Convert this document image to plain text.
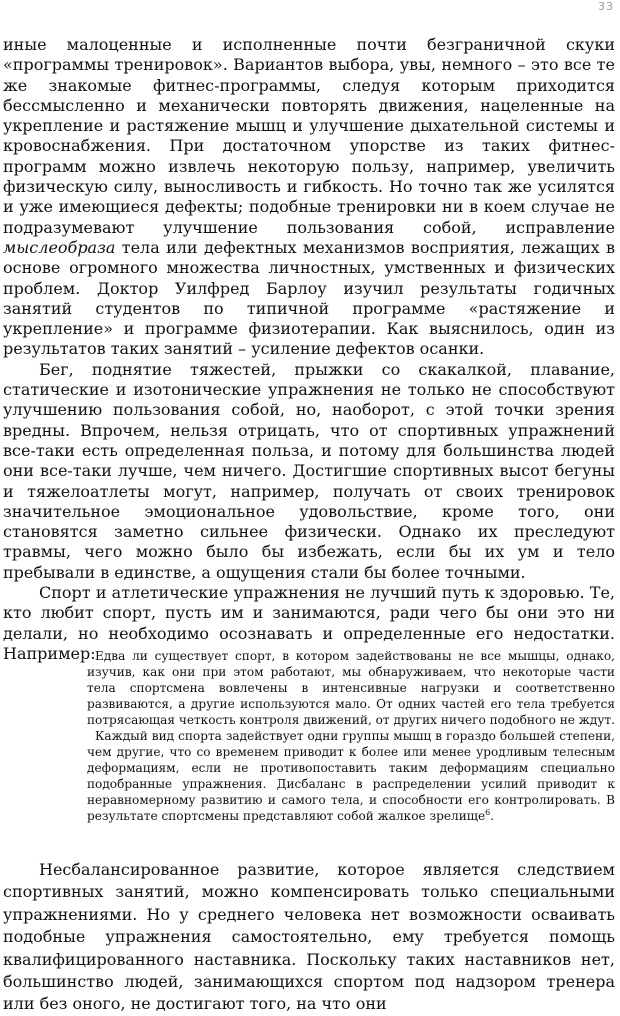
33

иные малоценные и исполненные почти безграничной скуки «программы тренировок». Вариантов выбора, увы, немного – это все те же знакомые фитнес-программы, следуя которым приходится бессмысленно и механически повторять движения, нацеленные на укрепление и растяжение мышц и улучшение дыхательной системы и кровоснабжения. При достаточном упорстве из таких фитнес-программ можно извлечь некоторую пользу, например, увеличить физическую силу, выносливость и гибкость. Но точно так же усилятся и уже имеющиеся дефекты; подобные тренировки ни в коем случае не подразумевают улучшение пользования собой, исправление мыслеобраза тела или дефектных механизмов восприятия, лежащих в основе огромного множества личностных, умственных и физических проблем. Доктор Уилфред Барлоу изучил результаты годичных занятий студентов по типичной программе «растяжение и укрепление» и программе физиотерапии. Как выяснилось, один из результатов таких занятий – усиление дефектов осанки.

Бег, поднятие тяжестей, прыжки со скакалкой, плавание, статические и изотонические упражнения не только не способствуют улучшению пользования собой, но, наоборот, с этой точки зрения вредны. Впрочем, нельзя отрицать, что от спортивных упражнений все-таки есть определенная польза, и потому для большинства людей они все-таки лучше, чем ничего. Достигшие спортивных высот бегуны и тяжелоатлеты могут, например, получать от своих тренировок значительное эмоциональное удовольствие, кроме того, они становятся заметно сильнее физически. Однако их преследуют травмы, чего можно было бы избежать, если бы их ум и тело пребывали в единстве, а ощущения стали бы более точными.

Спорт и атлетические упражнения не лучший путь к здоровью. Те, кто любит спорт, пусть им и занимаются, ради чего бы они это ни делали, но необходимо осознавать и определенные его недостатки. Например: Едва ли существует спорт, в котором задействованы не все мышцы, однако, изучив, как они при этом работают, мы обнаруживаем, что некоторые части тела спортсмена вовлечены в интенсивные нагрузки и соответственно развиваются, а другие используются мало. От одних частей его тела требуется потрясающая четкость контроля движений, от других ничего подобного не ждут.

Каждый вид спорта задействует одни группы мышц в гораздо большей степени, чем другие, что со временем приводит к более или менее уродливым телесным деформациям, если не противопоставить таким деформациям специально подобранные упражнения. Дисбаланс в распределении усилий приводит к неравномерному развитию и самого тела, и способности его контролировать. В результате спортсмены представляют собой жалкое зрелище$^6$.

Несбалансированное развитие, которое является следствием спортивных занятий, можно компенсировать только специальными упражнениями. Но у среднего человека нет возможности осваивать подобные упражнения самостоятельно, ему требуется помощь квалифицированного наставника. Поскольку таких наставников нет, большинство людей, занимающихся спортом под надзором тренера или без оного, не достигают того, на что они
